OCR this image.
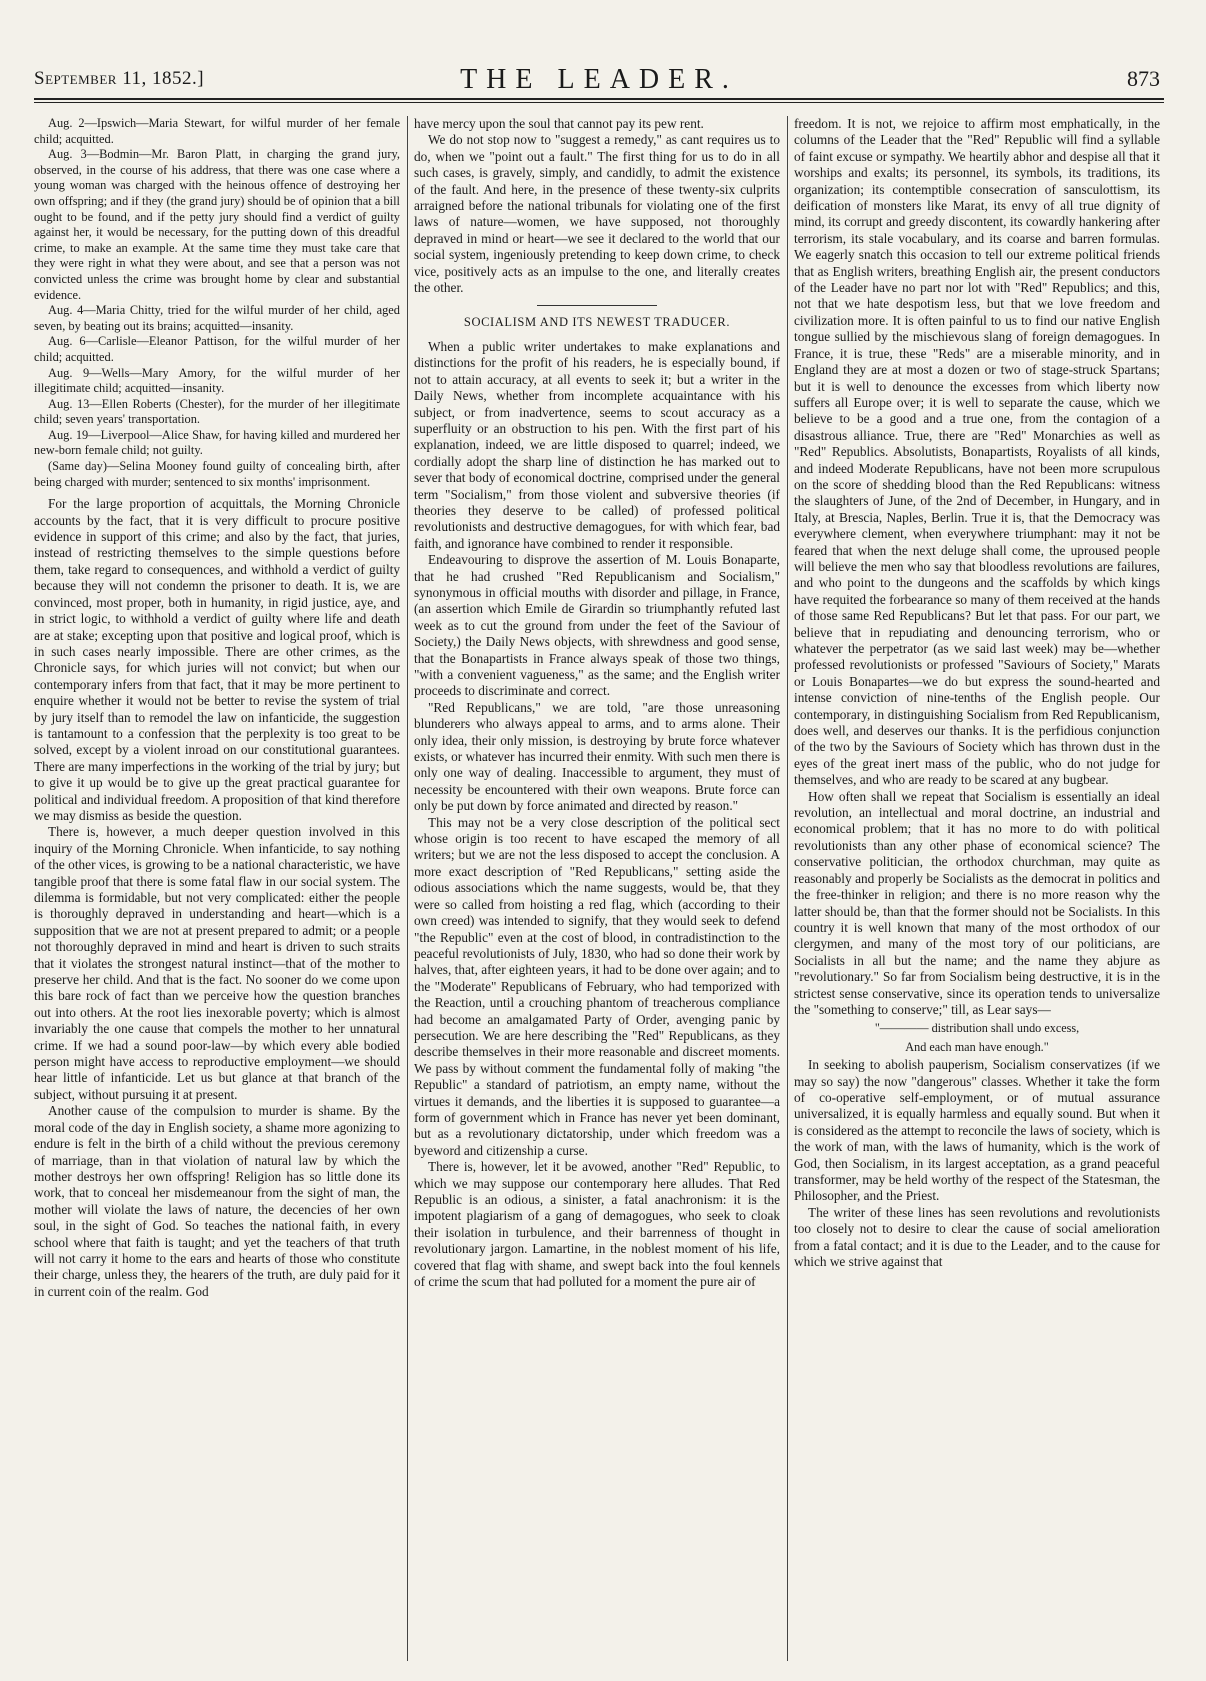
September 11, 1852.]	THE LEADER.	873

Aug. 2—Ipswich—Maria Stewart, for wilful murder of her female child; acquitted.

Aug. 3—Bodmin—Mr. Baron Platt, in charging the grand jury, observed, in the course of his address, that there was one case where a young woman was charged with the heinous offence of destroying her own offspring; and if they (the grand jury) should be of opinion that a bill ought to be found, and if the petty jury should find a verdict of guilty against her, it would be necessary, for the putting down of this dreadful crime, to make an example. At the same time they must take care that they were right in what they were about, and see that a person was not convicted unless the crime was brought home by clear and substantial evidence.

Aug. 4—Maria Chitty, tried for the wilful murder of her child, aged seven, by beating out its brains; acquitted—insanity.

Aug. 6—Carlisle—Eleanor Pattison, for the wilful murder of her child; acquitted.

Aug. 9—Wells—Mary Amory, for the wilful murder of her illegitimate child; acquitted—insanity.

Aug. 13—Ellen Roberts (Chester), for the murder of her illegitimate child; seven years' transportation.

Aug. 19—Liverpool—Alice Shaw, for having killed and murdered her new-born female child; not guilty.

(Same day)—Selina Mooney found guilty of concealing birth, after being charged with murder; sentenced to six months' imprisonment.

For the large proportion of acquittals, the Morning Chronicle accounts by the fact, that it is very difficult to procure positive evidence in support of this crime; and also by the fact, that juries, instead of restricting themselves to the simple questions before them, take regard to consequences, and withhold a verdict of guilty because they will not condemn the prisoner to death. It is, we are convinced, most proper, both in humanity, in rigid justice, aye, and in strict logic, to withhold a verdict of guilty where life and death are at stake; excepting upon that positive and logical proof, which is in such cases nearly impossible. There are other crimes, as the Chronicle says, for which juries will not convict; but when our contemporary infers from that fact, that it may be more pertinent to enquire whether it would not be better to revise the system of trial by jury itself than to remodel the law on infanticide, the suggestion is tantamount to a confession that the perplexity is too great to be solved, except by a violent inroad on our constitutional guarantees. There are many imperfections in the working of the trial by jury; but to give it up would be to give up the great practical guarantee for political and individual freedom. A proposition of that kind therefore we may dismiss as beside the question.

There is, however, a much deeper question involved in this inquiry of the Morning Chronicle. When infanticide, to say nothing of the other vices, is growing to be a national characteristic, we have tangible proof that there is some fatal flaw in our social system. The dilemma is formidable, but not very complicated: either the people is thoroughly depraved in understanding and heart—which is a supposition that we are not at present prepared to admit; or a people not thoroughly depraved in mind and heart is driven to such straits that it violates the strongest natural instinct—that of the mother to preserve her child. And that is the fact. No sooner do we come upon this bare rock of fact than we perceive how the question branches out into others. At the root lies inexorable poverty; which is almost invariably the one cause that compels the mother to her unnatural crime. If we had a sound poor-law—by which every able bodied person might have access to reproductive employment—we should hear little of infanticide. Let us but glance at that branch of the subject, without pursuing it at present.

Another cause of the compulsion to murder is shame. By the moral code of the day in English society, a shame more agonizing to endure is felt in the birth of a child without the previous ceremony of marriage, than in that violation of natural law by which the mother destroys her own offspring! Religion has so little done its work, that to conceal her misdemeanour from the sight of man, the mother will violate the laws of nature, the decencies of her own soul, in the sight of God. So teaches the national faith, in every school where that faith is taught; and yet the teachers of that truth will not carry it home to the ears and hearts of those who constitute their charge, unless they, the hearers of the truth, are duly paid for it in current coin of the realm. God

have mercy upon the soul that cannot pay its pew rent.

We do not stop now to "suggest a remedy," as cant requires us to do, when we "point out a fault." The first thing for us to do in all such cases, is gravely, simply, and candidly, to admit the existence of the fault. And here, in the presence of these twenty-six culprits arraigned before the national tribunals for violating one of the first laws of nature—women, we have supposed, not thoroughly depraved in mind or heart—we see it declared to the world that our social system, ingeniously pretending to keep down crime, to check vice, positively acts as an impulse to the one, and literally creates the other.

SOCIALISM AND ITS NEWEST TRADUCER.

When a public writer undertakes to make explanations and distinctions for the profit of his readers, he is especially bound, if not to attain accuracy, at all events to seek it; but a writer in the Daily News, whether from incomplete acquaintance with his subject, or from inadvertence, seems to scout accuracy as a superfluity or an obstruction to his pen. With the first part of his explanation, indeed, we are little disposed to quarrel; indeed, we cordially adopt the sharp line of distinction he has marked out to sever that body of economical doctrine, comprised under the general term "Socialism," from those violent and subversive theories (if theories they deserve to be called) of professed political revolutionists and destructive demagogues, for with which fear, bad faith, and ignorance have combined to render it responsible.

Endeavouring to disprove the assertion of M. Louis Bonaparte, that he had crushed "Red Republicanism and Socialism," synonymous in official mouths with disorder and pillage, in France, (an assertion which Emile de Girardin so triumphantly refuted last week as to cut the ground from under the feet of the Saviour of Society,) the Daily News objects, with shrewdness and good sense, that the Bonapartists in France always speak of those two things, "with a convenient vagueness," as the same; and the English writer proceeds to discriminate and correct.

"Red Republicans," we are told, "are those unreasoning blunderers who always appeal to arms, and to arms alone. Their only idea, their only mission, is destroying by brute force whatever exists, or whatever has incurred their enmity. With such men there is only one way of dealing. Inaccessible to argument, they must of necessity be encountered with their own weapons. Brute force can only be put down by force animated and directed by reason."

This may not be a very close description of the political sect whose origin is too recent to have escaped the memory of all writers; but we are not the less disposed to accept the conclusion. A more exact description of "Red Republicans," setting aside the odious associations which the name suggests, would be, that they were so called from hoisting a red flag, which (according to their own creed) was intended to signify, that they would seek to defend "the Republic" even at the cost of blood, in contradistinction to the peaceful revolutionists of July, 1830, who had so done their work by halves, that, after eighteen years, it had to be done over again; and to the "Moderate" Republicans of February, who had temporized with the Reaction, until a crouching phantom of treacherous compliance had become an amalgamated Party of Order, avenging panic by persecution. We are here describing the "Red" Republicans, as they describe themselves in their more reasonable and discreet moments. We pass by without comment the fundamental folly of making "the Republic" a standard of patriotism, an empty name, without the virtues it demands, and the liberties it is supposed to guarantee—a form of government which in France has never yet been dominant, but as a revolutionary dictatorship, under which freedom was a byeword and citizenship a curse.

There is, however, let it be avowed, another "Red" Republic, to which we may suppose our contemporary here alludes. That Red Republic is an odious, a sinister, a fatal anachronism: it is the impotent plagiarism of a gang of demagogues, who seek to cloak their isolation in turbulence, and their barrenness of thought in revolutionary jargon. Lamartine, in the noblest moment of his life, covered that flag with shame, and swept back into the foul kennels of crime the scum that had polluted for a moment the pure air of

freedom. It is not, we rejoice to affirm most emphatically, in the columns of the Leader that the "Red" Republic will find a syllable of faint excuse or sympathy. We heartily abhor and despise all that it worships and exalts; its personnel, its symbols, its traditions, its organization; its contemptible consecration of sansculottism, its deification of monsters like Marat, its envy of all true dignity of mind, its corrupt and greedy discontent, its cowardly hankering after terrorism, its stale vocabulary, and its coarse and barren formulas. We eagerly snatch this occasion to tell our extreme political friends that as English writers, breathing English air, the present conductors of the Leader have no part nor lot with "Red" Republics; and this, not that we hate despotism less, but that we love freedom and civilization more. It is often painful to us to find our native English tongue sullied by the mischievous slang of foreign demagogues. In France, it is true, these "Reds" are a miserable minority, and in England they are at most a dozen or two of stage-struck Spartans; but it is well to denounce the excesses from which liberty now suffers all Europe over; it is well to separate the cause, which we believe to be a good and a true one, from the contagion of a disastrous alliance. True, there are "Red" Monarchies as well as "Red" Republics. Absolutists, Bonapartists, Royalists of all kinds, and indeed Moderate Republicans, have not been more scrupulous on the score of shedding blood than the Red Republicans: witness the slaughters of June, of the 2nd of December, in Hungary, and in Italy, at Brescia, Naples, Berlin. True it is, that the Democracy was everywhere clement, when everywhere triumphant: may it not be feared that when the next deluge shall come, the uproused people will believe the men who say that bloodless revolutions are failures, and who point to the dungeons and the scaffolds by which kings have requited the forbearance so many of them received at the hands of those same Red Republicans? But let that pass. For our part, we believe that in repudiating and denouncing terrorism, who or whatever the perpetrator (as we said last week) may be—whether professed revolutionists or professed "Saviours of Society," Marats or Louis Bonapartes—we do but express the sound-hearted and intense conviction of nine-tenths of the English people. Our contemporary, in distinguishing Socialism from Red Republicanism, does well, and deserves our thanks. It is the perfidious conjunction of the two by the Saviours of Society which has thrown dust in the eyes of the great inert mass of the public, who do not judge for themselves, and who are ready to be scared at any bugbear.

How often shall we repeat that Socialism is essentially an ideal revolution, an intellectual and moral doctrine, an industrial and economical problem; that it has no more to do with political revolutionists than any other phase of economical science? The conservative politician, the orthodox churchman, may quite as reasonably and properly be Socialists as the democrat in politics and the free-thinker in religion; and there is no more reason why the latter should be, than that the former should not be Socialists. In this country it is well known that many of the most orthodox of our clergymen, and many of the most tory of our politicians, are Socialists in all but the name; and the name they abjure as "revolutionary." So far from Socialism being destructive, it is in the strictest sense conservative, since its operation tends to universalize the "something to conserve;" till, as Lear says—

"———— distribution shall undo excess,
And each man have enough."

In seeking to abolish pauperism, Socialism conservatizes (if we may so say) the now "dangerous" classes. Whether it take the form of co-operative self-employment, or of mutual assurance universalized, it is equally harmless and equally sound. But when it is considered as the attempt to reconcile the laws of society, which is the work of man, with the laws of humanity, which is the work of God, then Socialism, in its largest acceptation, as a grand peaceful transformer, may be held worthy of the respect of the Statesman, the Philosopher, and the Priest.

The writer of these lines has seen revolutions and revolutionists too closely not to desire to clear the cause of social amelioration from a fatal contact; and it is due to the Leader, and to the cause for which we strive against that
